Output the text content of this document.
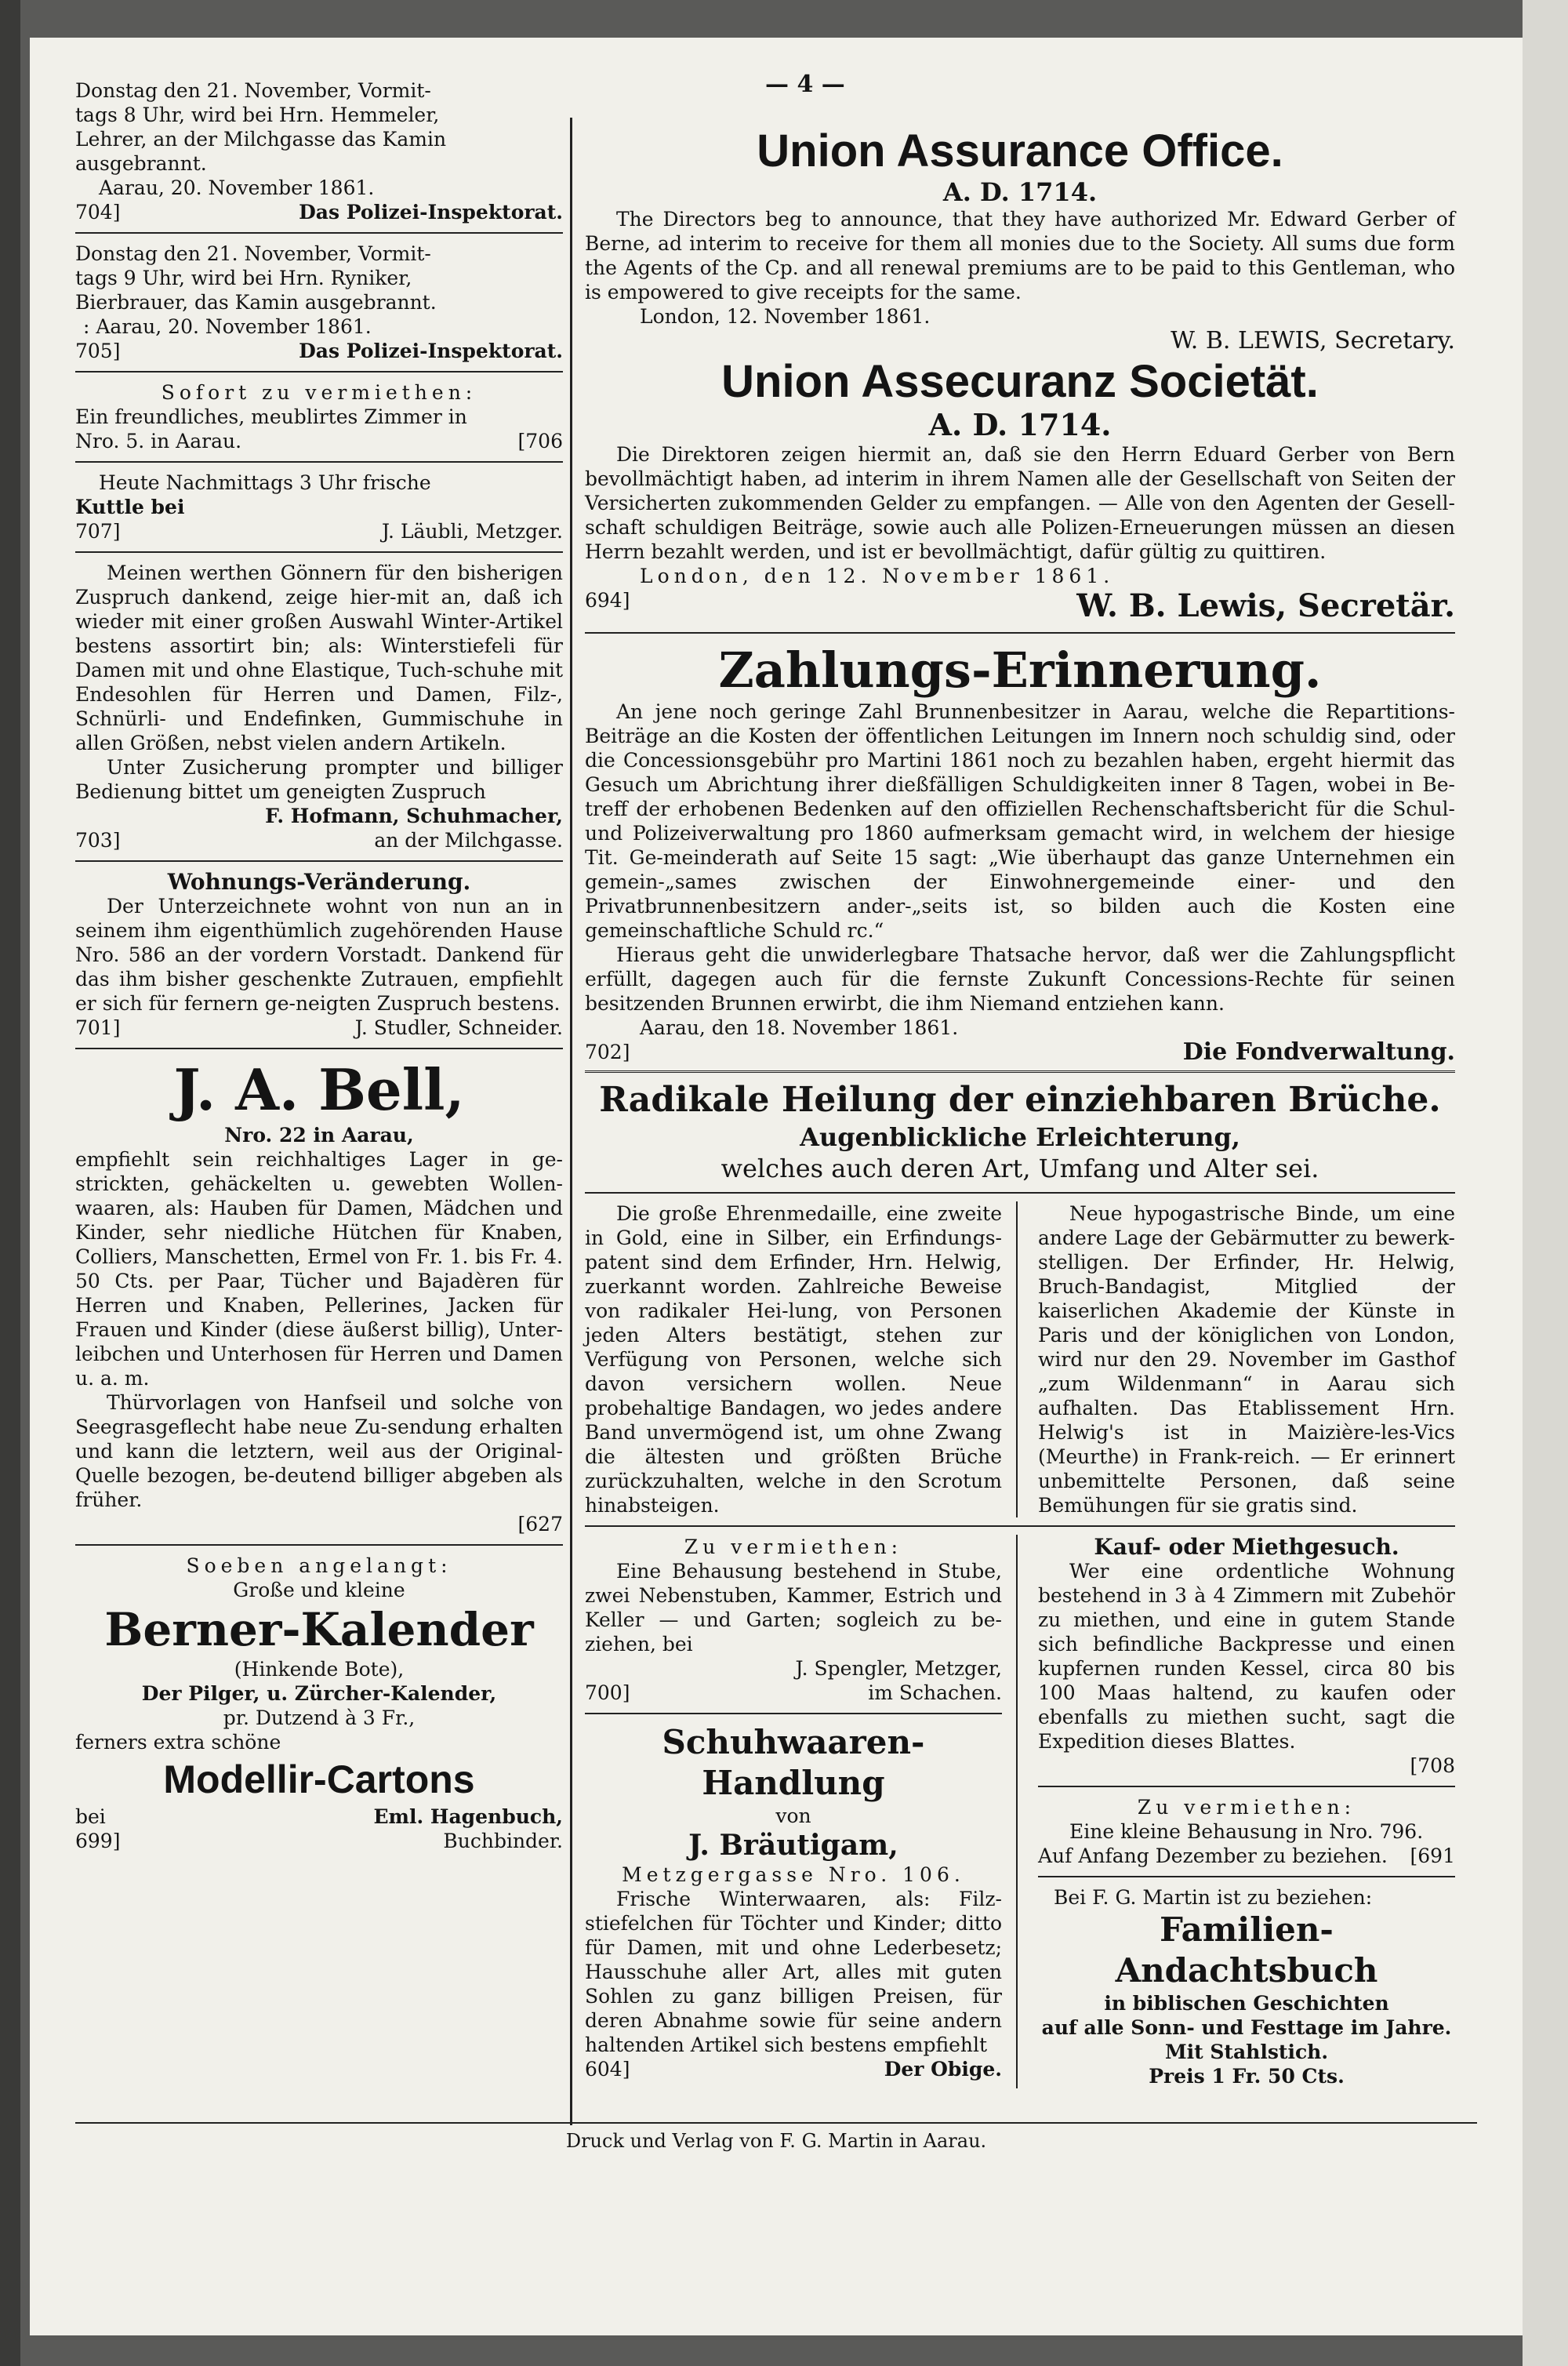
Donstag den 21. November, Vormit-

tags 8 Uhr, wird bei Hrn. Hemmeler,

Lehrer, an der Milchgasse das Kamin

ausgebrannt.

Aarau, 20. November 1861.

704]	Das Polizei-Inspektorat.

Donstag den 21. November, Vormit-

tags 9 Uhr, wird bei Hrn. Ryniker,

Bierbrauer, das Kamin ausgebrannt.

: Aarau, 20. November 1861.

705]	Das Polizei-Inspektorat.

Sofort zu vermiethen:

Ein freundliches, meublirtes Zimmer in

Nro. 5. in Aarau.	[706

Heute Nachmittags 3 Uhr frische

Kuttle bei

707]	J. Läubli, Metzger.

Meinen werthen Gönnern für den bisherigen Zuspruch dankend, zeige hier-mit an, daß ich wieder mit einer großen Auswahl Winter-Artikel bestens assortirt bin; als: Winterstiefeli für Damen mit und ohne Elastique, Tuch-schuhe mit Endesohlen für Herren und Damen, Filz-, Schnürli- und Endefinken, Gummischuhe in allen Größen, nebst vielen andern Artikeln.

Unter Zusicherung prompter und billiger Bedienung bittet um geneigten Zuspruch

F. Hofmann, Schuhmacher,

703]	an der Milchgasse.

Wohnungs-Veränderung.

Der Unterzeichnete wohnt von nun an in seinem ihm eigenthümlich zugehörenden Hause Nro. 586 an der vordern Vorstadt. Dankend für das ihm bisher geschenkte Zutrauen, empfiehlt er sich für fernern ge-neigten Zuspruch bestens.

701]	J. Studler, Schneider.

J. A. Bell,

Nro. 22 in Aarau,

empfiehlt sein reichhaltiges Lager in ge-strickten, gehäckelten u. gewebten Wollen-waaren, als: Hauben für Damen, Mädchen und Kinder, sehr niedliche Hütchen für Knaben, Colliers, Manschetten, Ermel von Fr. 1. bis Fr. 4. 50 Cts. per Paar, Tücher und Bajadèren für Herren und Knaben, Pellerines, Jacken für Frauen und Kinder (diese äußerst billig), Unter-leibchen und Unterhosen für Herren und Damen u. a. m.

Thürvorlagen von Hanfseil und solche von Seegrasgeflecht habe neue Zu-sendung erhalten und kann die letztern, weil aus der Original-Quelle bezogen, be-deutend billiger abgeben als früher.

[627

Soeben angelangt:

Große und kleine

Berner-Kalender

(Hinkende Bote),

Der Pilger, u. Zürcher-Kalender,

pr. Dutzend à 3 Fr.,

ferners extra schöne

Modellir-Cartons

bei	Eml. Hagenbuch,
699]	Buchbinder.

— 4 —

Union Assurance Office.

A. D. 1714.

The Directors beg to announce, that they have authorized Mr. Edward Gerber of Berne, ad interim to receive for them all monies due to the Society. All sums due form the Agents of the Cp. and all renewal premiums are to be paid to this Gentleman, who is empowered to give receipts for the same.

London, 12. November 1861.

W. B. LEWIS, Secretary.

Union Assecuranz Societät.

A. D. 1714.

Die Direktoren zeigen hiermit an, daß sie den Herrn Eduard Gerber von Bern bevollmächtigt haben, ad interim in ihrem Namen alle der Gesellschaft von Seiten der Versicherten zukommenden Gelder zu empfangen. — Alle von den Agenten der Gesell-schaft schuldigen Beiträge, sowie auch alle Polizen-Erneuerungen müssen an diesen Herrn bezahlt werden, und ist er bevollmächtigt, dafür gültig zu quittiren.

London, den 12. November 1861.

694]	W. B. Lewis, Secretär.

Zahlungs-Erinnerung.

An jene noch geringe Zahl Brunnenbesitzer in Aarau, welche die Repartitions-Beiträge an die Kosten der öffentlichen Leitungen im Innern noch schuldig sind, oder die Concessionsgebühr pro Martini 1861 noch zu bezahlen haben, ergeht hiermit das Gesuch um Abrichtung ihrer dießfälligen Schuldigkeiten inner 8 Tagen, wobei in Be-treff der erhobenen Bedenken auf den offiziellen Rechenschaftsbericht für die Schul- und Polizeiverwaltung pro 1860 aufmerksam gemacht wird, in welchem der hiesige Tit. Ge-meinderath auf Seite 15 sagt: „Wie überhaupt das ganze Unternehmen ein gemein-„sames zwischen der Einwohnergemeinde einer- und den Privatbrunnenbesitzern ander-„seits ist, so bilden auch die Kosten eine gemeinschaftliche Schuld rc.“

Hieraus geht die unwiderlegbare Thatsache hervor, daß wer die Zahlungspflicht erfüllt, dagegen auch für die fernste Zukunft Concessions-Rechte für seinen besitzenden Brunnen erwirbt, die ihm Niemand entziehen kann.

Aarau, den 18. November 1861.

702]	Die Fondverwaltung.

Radikale Heilung der einziehbaren Brüche.

Augenblickliche Erleichterung,

welches auch deren Art, Umfang und Alter sei.

Die große Ehrenmedaille, eine zweite in Gold, eine in Silber, ein Erfindungs-patent sind dem Erfinder, Hrn. Helwig, zuerkannt worden. Zahlreiche Beweise von radikaler Hei-lung, von Personen jeden Alters bestätigt, stehen zur Verfügung von Personen, welche sich davon versichern wollen. Neue probehaltige Bandagen, wo jedes andere Band unvermögend ist, um ohne Zwang die ältesten und größten Brüche zurückzuhalten, welche in den Scrotum hinabsteigen.

Neue hypogastrische Binde, um eine andere Lage der Gebärmutter zu bewerk-stelligen. Der Erfinder, Hr. Helwig, Bruch-Bandagist, Mitglied der kaiserlichen Akademie der Künste in Paris und der königlichen von London, wird nur den 29. November im Gasthof „zum Wildenmann“ in Aarau sich aufhalten. Das Etablissement Hrn. Helwig's ist in Maizière-les-Vics (Meurthe) in Frank-reich. — Er erinnert unbemittelte Personen, daß seine Bemühungen für sie gratis sind.

Zu vermiethen:

Eine Behausung bestehend in Stube, zwei Nebenstuben, Kammer, Estrich und Keller — und Garten; sogleich zu be-ziehen, bei

J. Spengler, Metzger,

700]	im Schachen.

Schuhwaaren-Handlung

von

J. Bräutigam,

Metzgergasse Nro. 106.

Frische Winterwaaren, als: Filz-stiefelchen für Töchter und Kinder; ditto für Damen, mit und ohne Lederbesetz; Hausschuhe aller Art, alles mit guten Sohlen zu ganz billigen Preisen, für deren Abnahme sowie für seine andern haltenden Artikel sich bestens empfiehlt

604]	Der Obige.

Kauf- oder Miethgesuch.

Wer eine ordentliche Wohnung bestehend in 3 à 4 Zimmern mit Zubehör zu miethen, und eine in gutem Stande sich befindliche Backpresse und einen kupfernen runden Kessel, circa 80 bis 100 Maas haltend, zu kaufen oder ebenfalls zu miethen sucht, sagt die Expedition dieses Blattes.

[708

Zu vermiethen:

Eine kleine Behausung in Nro. 796.

Auf Anfang Dezember zu beziehen. [691

Bei F. G. Martin ist zu beziehen:

Familien-Andachtsbuch

in biblischen Geschichten

auf alle Sonn- und Festtage im Jahre.

Mit Stahlstich.

Preis 1 Fr. 50 Cts.

Druck und Verlag von F. G. Martin in Aarau.
